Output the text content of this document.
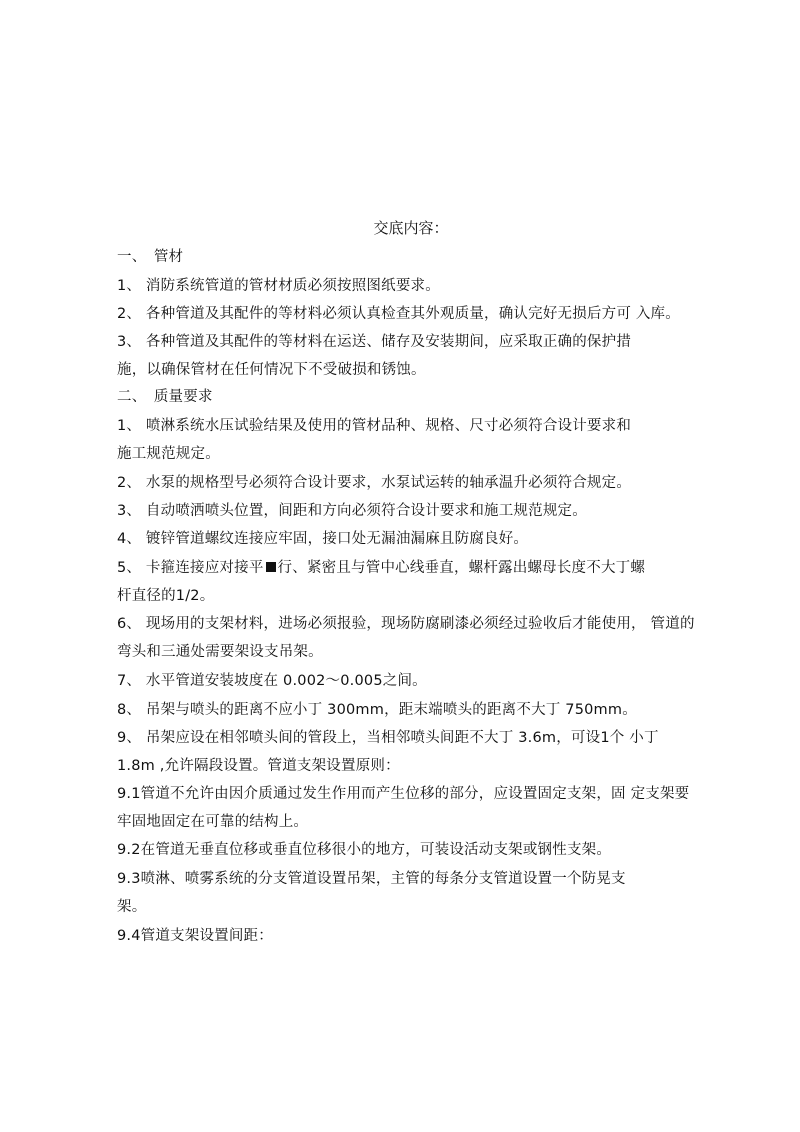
交底内容：
一、　管材
1、 消防系统管道的管材材质必须按照图纸要求。
2、 各种管道及其配件的等材料必须认真检查其外观质量，确认完好无损后方可 入库。
3、 各种管道及其配件的等材料在运送、储存及安装期间，应采取正确的保护措
施，以确保管材在任何情况下不受破损和锈蚀。
二、　质量要求
1、 喷淋系统水压试验结果及使用的管材品种、规格、尺寸必须符合设计要求和
施工规范规定。
2、 水泵的规格型号必须符合设计要求，水泵试运转的轴承温升必须符合规定。
3、 自动喷洒喷头位置，间距和方向必须符合设计要求和施工规范规定。
4、 镀锌管道螺纹连接应牢固，接口处无漏油漏麻且防腐良好。
5、 卡箍连接应对接平 行、紧密且与管中心线垂直，螺杆露出螺母长度不大丁螺
杆直径的1/2。
6、 现场用的支架材料，进场必须报验，现场防腐刷漆必须经过验收后才能使用， 管道的
弯头和三通处需要架设支吊架。
7、 水平管道安装坡度在 0.002～0.005之间。
8、 吊架与喷头的距离不应小丁 300mm，距末端喷头的距离不大丁 750mm。
9、 吊架应设在相邻喷头间的管段上，当相邻喷头间距不大丁 3.6m，可设1个 小丁
1.8m ,允许隔段设置。管道支架设置原则：
9.1管道不允许由因介质通过发生作用而产生位移的部分，应设置固定支架，固 定支架要
牢固地固定在可靠的结构上。
9.2在管道无垂直位移或垂直位移很小的地方，可装设活动支架或钢性支架。
9.3喷淋、喷雾系统的分支管道设置吊架，主管的每条分支管道设置一个防晃支
架。
9.4管道支架设置间距：
